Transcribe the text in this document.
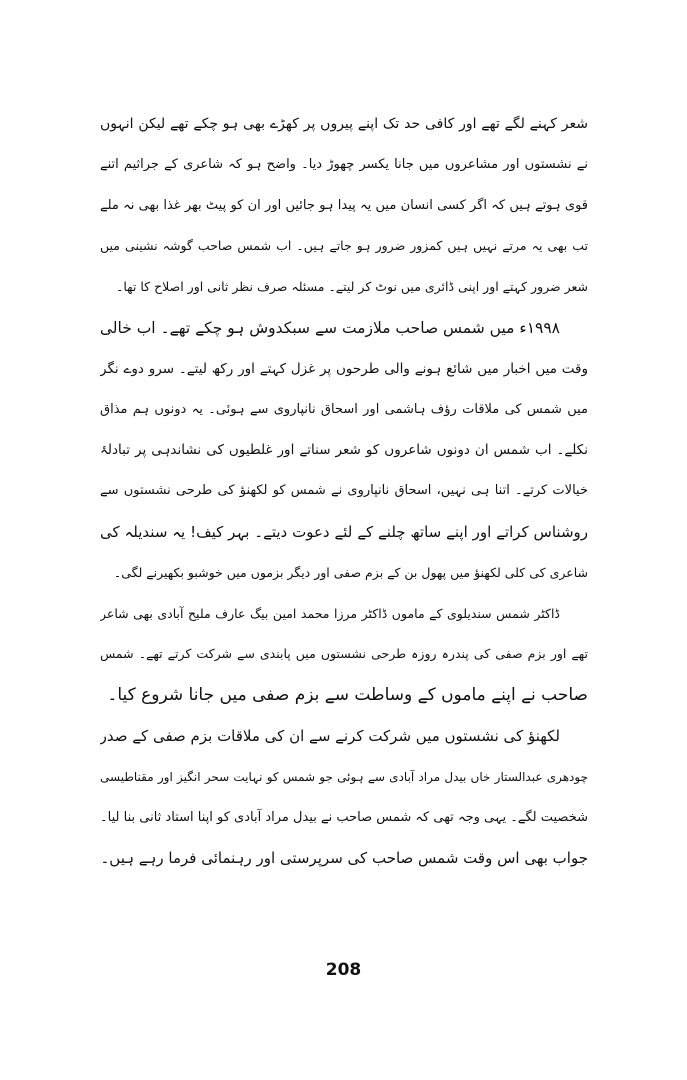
شعر کہنے لگے تھے اور کافی حد تک اپنے پیروں پر کھڑے بھی ہو چکے تھے لیکن انہوں
نے نشستوں اور مشاعروں میں جانا یکسر چھوڑ دیا۔ واضح ہو کہ شاعری کے جراثیم اتنے
قوی ہوتے ہیں کہ اگر کسی انسان میں یہ پیدا ہو جائیں اور ان کو پیٹ بھر غذا بھی نہ ملے
تب بھی یہ مرتے نہیں ہیں کمزور ضرور ہو جاتے ہیں۔ اب شمس صاحب گوشہ نشینی میں
شعر ضرور کہتے اور اپنی ڈائری میں نوٹ کر لیتے۔ مسئلہ صرف نظر ثانی اور اصلاح کا تھا۔
۱۹۹۸ء میں شمس صاحب ملازمت سے سبکدوش ہو چکے تھے۔ اب خالی
وقت میں اخبار میں شائع ہونے والی طرحوں پر غزل کہتے اور رکھ لیتے۔ سرو دوے نگر
میں شمس کی ملاقات رؤف ہاشمی اور اسحاق نانپاروی سے ہوئی۔ یہ دونوں ہم مذاق
نکلے۔ اب شمس ان دونوں شاعروں کو شعر سناتے اور غلطیوں کی نشاندہی پر تبادلۂ
خیالات کرتے۔ اتنا ہی نہیں، اسحاق نانپاروی نے شمس کو لکھنؤ کی طرحی نشستوں سے
روشناس کراتے اور اپنے ساتھ چلنے کے لئے دعوت دیتے۔ بہر کیف! یہ سندیلہ کی
شاعری کی کلی لکھنؤ میں پھول بن کے بزم صفی اور دیگر بزموں میں خوشبو بکھیرنے لگی۔
ڈاکٹر شمس سندیلوی کے ماموں ڈاکٹر مرزا محمد امین بیگ عارف ملیح آبادی بھی شاعر
تھے اور بزم صفی کی پندرہ روزہ طرحی نشستوں میں پابندی سے شرکت کرتے تھے۔ شمس
صاحب نے اپنے ماموں کے وساطت سے بزم صفی میں جانا شروع کیا۔
لکھنؤ کی نشستوں میں شرکت کرنے سے ان کی ملاقات بزم صفی کے صدر
چودھری عبدالستار خاں بیدل مراد آبادی سے ہوئی جو شمس کو نہایت سحر انگیز اور مقناطیسی
شخصیت لگے۔ یہی وجہ تھی کہ شمس صاحب نے بیدل مراد آبادی کو اپنا استاد ثانی بنا لیا۔
جواب بھی اس وقت شمس صاحب کی سرپرستی اور رہنمائی فرما رہے ہیں۔
208
